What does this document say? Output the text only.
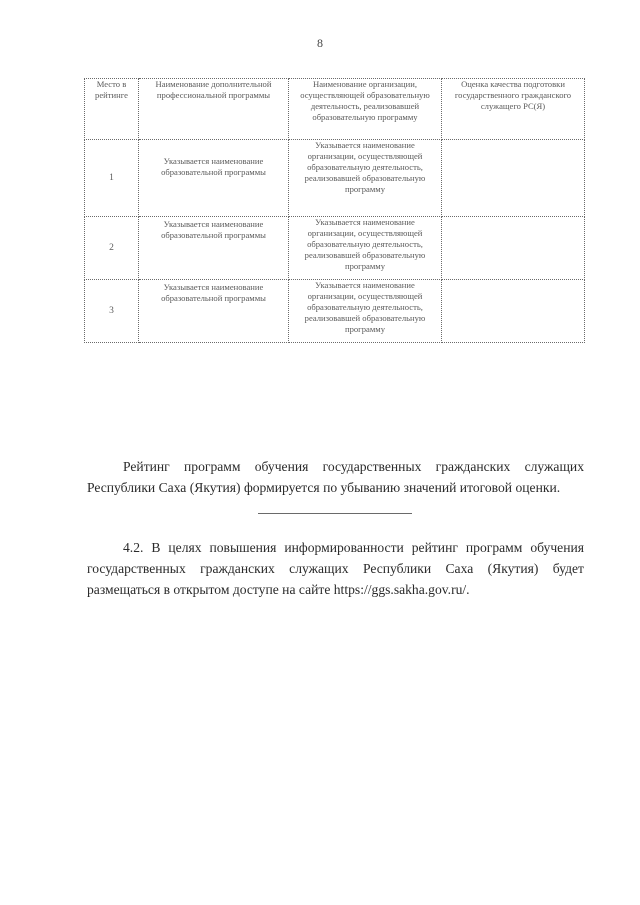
8
Место в рейтинге	Наименование дополнительной профессиональной программы	Наименование организации, осуществляющей образовательную деятельность, реализовавшей образовательную программу	Оценка качества подготовки государственного гражданского служащего РС(Я)
1	Указывается наименование образовательной программы	Указывается наименование организации, осуществляющей образовательную деятельность, реализовавшей образовательную программу	
2	Указывается наименование образовательной программы	Указывается наименование организации, осуществляющей образовательную деятельность, реализовавшей образовательную программу	
3	Указывается наименование образовательной программы	Указывается наименование организации, осуществляющей образовательную деятельность, реализовавшей образовательную программу	
Рейтинг программ обучения государственных гражданских служащих Республики Саха (Якутия) формируется по убыванию значений итоговой оценки.
4.2. В целях повышения информированности рейтинг программ обучения государственных гражданских служащих Республики Саха (Якутия) будет размещаться в открытом доступе на сайте https://ggs.sakha.gov.ru/.
